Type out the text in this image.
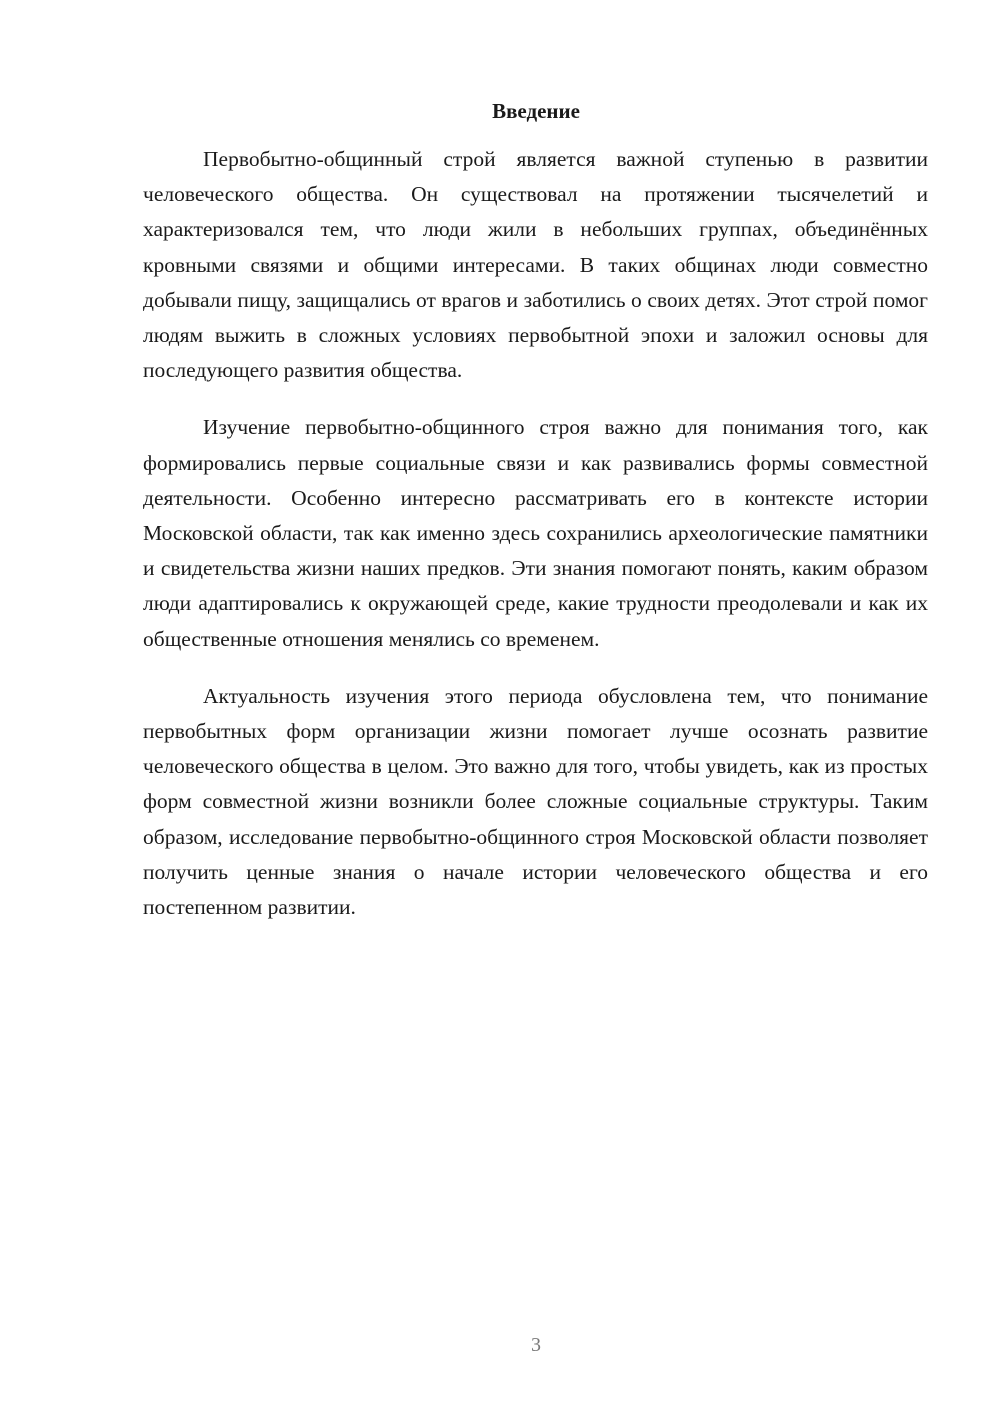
Введение

Первобытно-общинный строй является важной ступенью в развитии человеческого общества. Он существовал на протяжении тысячелетий и характеризовался тем, что люди жили в небольших группах, объединённых кровными связями и общими интересами. В таких общинах люди совместно добывали пищу, защищались от врагов и заботились о своих детях. Этот строй помог людям выжить в сложных условиях первобытной эпохи и заложил основы для последующего развития общества.

Изучение первобытно-общинного строя важно для понимания того, как формировались первые социальные связи и как развивались формы совместной деятельности. Особенно интересно рассматривать его в контексте истории Московской области, так как именно здесь сохранились археологические памятники и свидетельства жизни наших предков. Эти знания помогают понять, каким образом люди адаптировались к окружающей среде, какие трудности преодолевали и как их общественные отношения менялись со временем.

Актуальность изучения этого периода обусловлена тем, что понимание первобытных форм организации жизни помогает лучше осознать развитие человеческого общества в целом. Это важно для того, чтобы увидеть, как из простых форм совместной жизни возникли более сложные социальные структуры. Таким образом, исследование первобытно-общинного строя Московской области позволяет получить ценные знания о начале истории человеческого общества и его постепенном развитии.

3
